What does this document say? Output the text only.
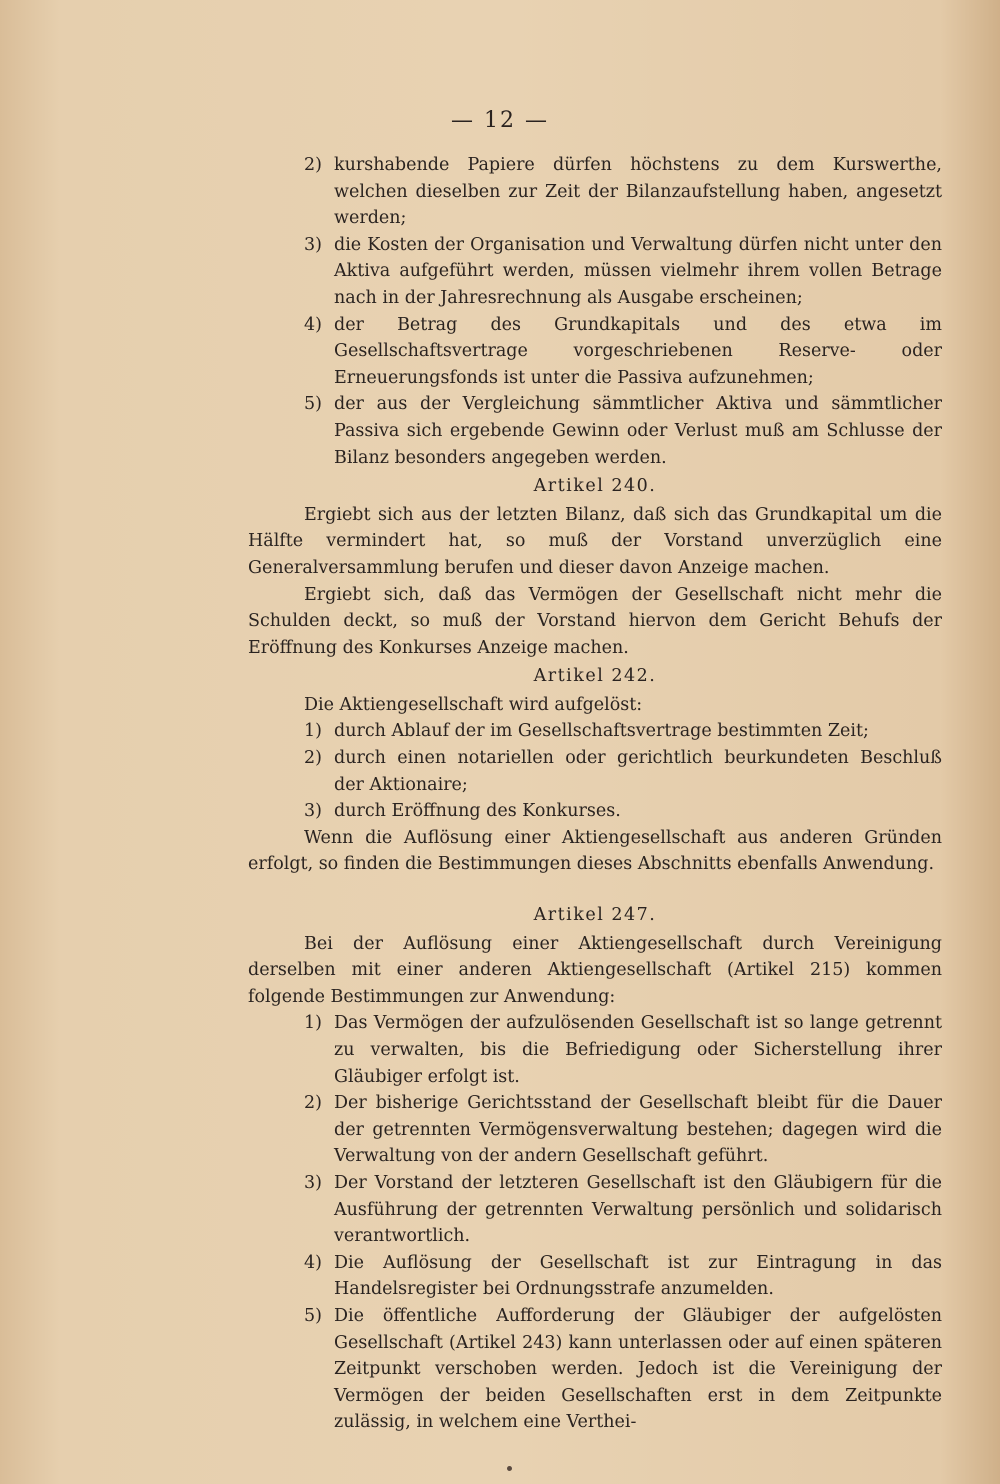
— 12 —

2) kurshabende Papiere dürfen höchstens zu dem Kurswerthe, welchen dieselben zur Zeit der Bilanzaufstellung haben, angesetzt werden;

3) die Kosten der Organisation und Verwaltung dürfen nicht unter den Aktiva aufgeführt werden, müssen vielmehr ihrem vollen Betrage nach in der Jahresrechnung als Ausgabe erscheinen;

4) der Betrag des Grundkapitals und des etwa im Gesellschaftsvertrage vorgeschriebenen Reserve- oder Erneuerungsfonds ist unter die Passiva aufzunehmen;

5) der aus der Vergleichung sämmtlicher Aktiva und sämmtlicher Passiva sich ergebende Gewinn oder Verlust muß am Schlusse der Bilanz besonders angegeben werden.

Artikel 240.

Ergiebt sich aus der letzten Bilanz, daß sich das Grundkapital um die Hälfte vermindert hat, so muß der Vorstand unverzüglich eine Generalversammlung berufen und dieser davon Anzeige machen.

Ergiebt sich, daß das Vermögen der Gesellschaft nicht mehr die Schulden deckt, so muß der Vorstand hiervon dem Gericht Behufs der Eröffnung des Konkurses Anzeige machen.

Artikel 242.

Die Aktiengesellschaft wird aufgelöst:

1) durch Ablauf der im Gesellschaftsvertrage bestimmten Zeit;

2) durch einen notariellen oder gerichtlich beurkundeten Beschluß der Aktionaire;

3) durch Eröffnung des Konkurses.

Wenn die Auflösung einer Aktiengesellschaft aus anderen Gründen erfolgt, so finden die Bestimmungen dieses Abschnitts ebenfalls Anwendung.

Artikel 247.

Bei der Auflösung einer Aktiengesellschaft durch Vereinigung derselben mit einer anderen Aktiengesellschaft (Artikel 215) kommen folgende Bestimmungen zur Anwendung:

1) Das Vermögen der aufzulösenden Gesellschaft ist so lange getrennt zu verwalten, bis die Befriedigung oder Sicherstellung ihrer Gläubiger erfolgt ist.

2) Der bisherige Gerichtsstand der Gesellschaft bleibt für die Dauer der getrennten Vermögensverwaltung bestehen; dagegen wird die Verwaltung von der andern Gesellschaft geführt.

3) Der Vorstand der letzteren Gesellschaft ist den Gläubigern für die Ausführung der getrennten Verwaltung persönlich und solidarisch verantwortlich.

4) Die Auflösung der Gesellschaft ist zur Eintragung in das Handelsregister bei Ordnungsstrafe anzumelden.

5) Die öffentliche Aufforderung der Gläubiger der aufgelösten Gesellschaft (Artikel 243) kann unterlassen oder auf einen späteren Zeitpunkt verschoben werden. Jedoch ist die Vereinigung der Vermögen der beiden Gesellschaften erst in dem Zeitpunkte zulässig, in welchem eine Verthei-
